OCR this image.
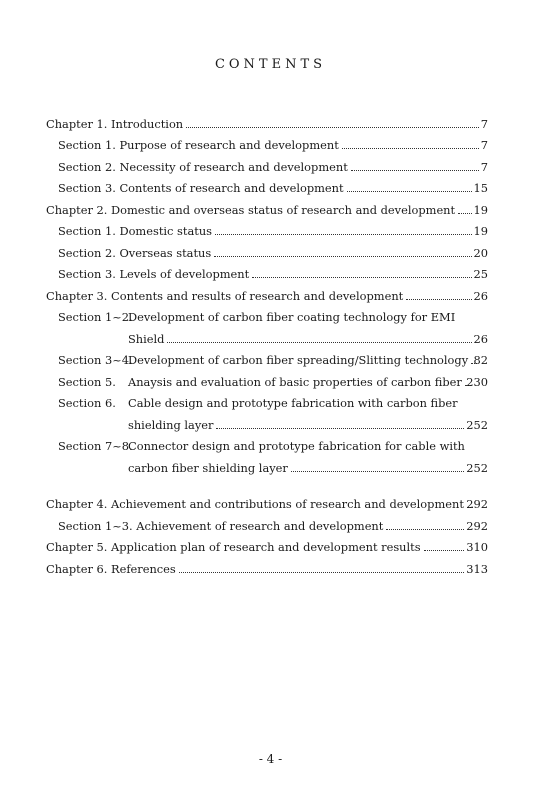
CONTENTS
Chapter 1. Introduction	7
Section 1. Purpose of research and development	7
Section 2. Necessity of research and development	7
Section 3. Contents of research and development	15
Chapter 2. Domestic and overseas status of research and development 19
Section 1. Domestic status	19
Section 2. Overseas status	20
Section 3. Levels of development	25
Chapter 3. Contents and results of research and development	26
Section 1~2.
Development of carbon fiber coating technology for EMI
Shield	26
Section 3~4.
Development of carbon fiber spreading/Slitting technology 82
Section 5.	Anaysis and evaluation of basic properties of carbon fiber 230
Section 6.	Cable design and prototype fabrication with carbon fiber
shielding layer	252
Section 7~8.
Connector design and prototype fabrication for cable with
carbon fiber shielding layer	252
Chapter 4. Achievement and contributions of research and development 292
Section 1~3. Achievement of research and development	292
Chapter 5. Application plan of research and development results	310
Chapter 6. References	313
- 4 -
